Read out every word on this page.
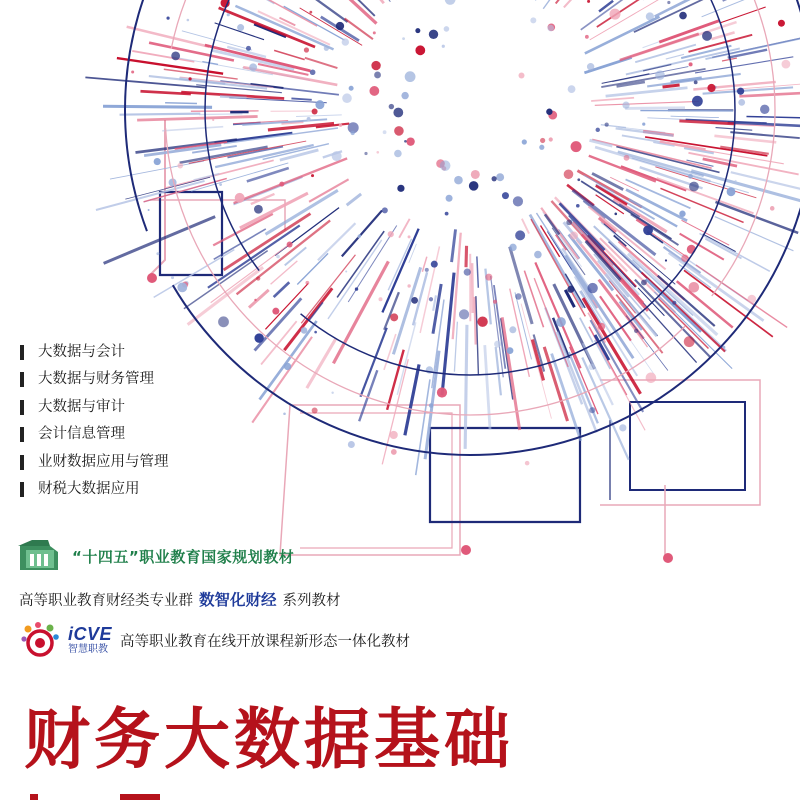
大数据与会计
大数据与财务管理
大数据与审计
会计信息管理
业财数据应用与管理
财税大数据应用
“十四五”职业教育国家规划教材
高等职业教育财经类专业群 数智化财经 系列教材
iCVE
智慧职教 高等职业教育在线开放课程新形态一体化教材
财务大数据基础
